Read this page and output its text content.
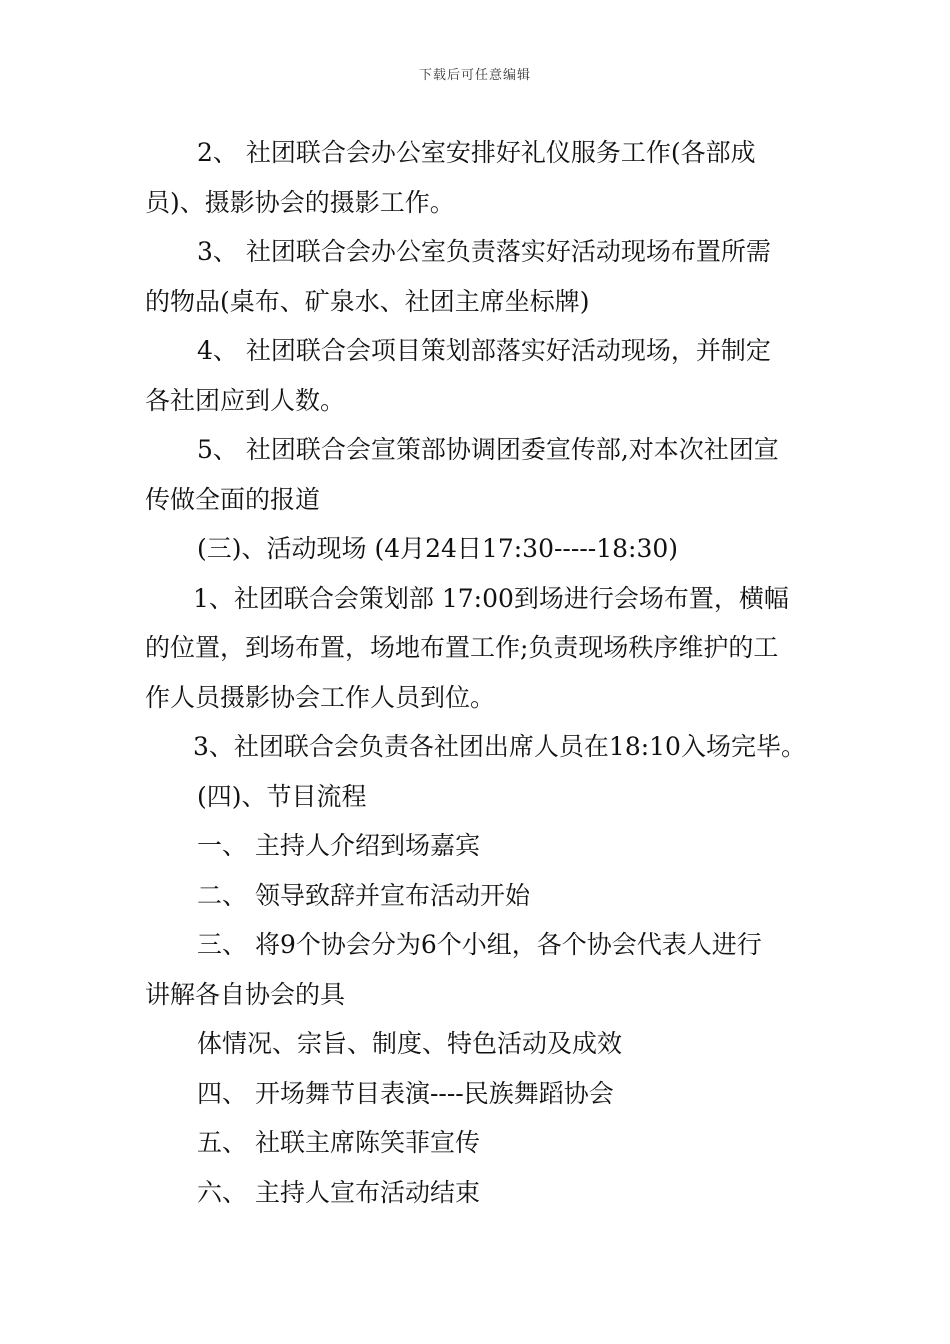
下载后可任意编辑

2、 社团联合会办公室安排好礼仪服务工作(各部成

员)、摄影协会的摄影工作。

3、 社团联合会办公室负责落实好活动现场布置所需

的物品(桌布、矿泉水、社团主席坐标牌)

4、 社团联合会项目策划部落实好活动现场，并制定

各社团应到人数。

5、 社团联合会宣策部协调团委宣传部,对本次社团宣

传做全面的报道

(三)、活动现场 (4月24日17:30-----18:30)

1、社团联合会策划部 17:00到场进行会场布置，横幅

的位置，到场布置，场地布置工作;负责现场秩序维护的工

作人员摄影协会工作人员到位。

3、社团联合会负责各社团出席人员在18:10入场完毕。

(四)、节目流程

一、 主持人介绍到场嘉宾

二、 领导致辞并宣布活动开始

三、 将9个协会分为6个小组，各个协会代表人进行

讲解各自协会的具

体情况、宗旨、制度、特色活动及成效

四、 开场舞节目表演----民族舞蹈协会

五、 社联主席陈笑菲宣传

六、 主持人宣布活动结束
